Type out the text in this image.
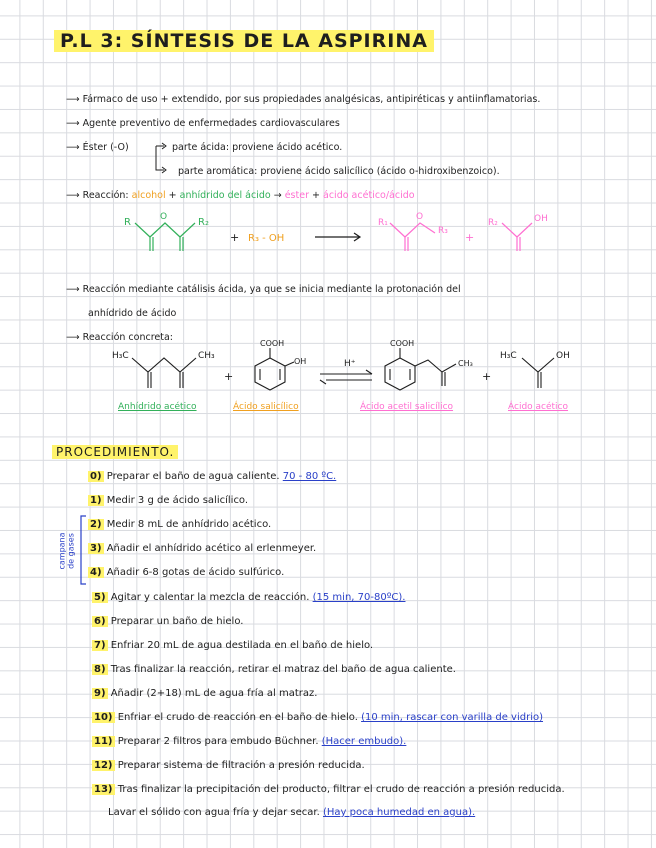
P.L 3: SÍNTESIS DE LA ASPIRINA
⟶ Fármaco de uso + extendido, por sus propiedades analgésicas, antipiréticas y antiinflamatorias.
⟶ Agente preventivo de enfermedades cardiovasculares
⟶ Éster (-O)	parte ácida: proviene ácido acético.
parte aromática: proviene ácido salicílico (ácido o-hidroxibenzoico).
⟶ Reacción: alcohol + anhídrido del ácido → éster + ácido acético/ácido
R	O	R₂
+ R₃ - OH
R₁
O
R₃ +
R₂	OH
⟶ Reacción mediante catálisis ácida, ya que se inicia mediante la protonación del
anhídrido de ácido
⟶ Reacción concreta:
H₃C	CH₃
+
COOH
OH	H⁺
COOH
CH₃
+
H₃C	OH
Anhídrido acético	Ácido salicílico	Ácido acetil salicílico	Ácido acético
PROCEDIMIENTO.
campana de gases
0) Preparar el baño de agua caliente. 70 - 80 ºC.
1) Medir 3 g de ácido salicílico.
2) Medir 8 mL de anhídrido acético.
3) Añadir el anhídrido acético al erlenmeyer.
4) Añadir 6-8 gotas de ácido sulfúrico.
5) Agitar y calentar la mezcla de reacción. (15 min, 70-80ºC).
6) Preparar un baño de hielo.
7) Enfriar 20 mL de agua destilada en el baño de hielo.
8) Tras finalizar la reacción, retirar el matraz del baño de agua caliente.
9) Añadir (2+18) mL de agua fría al matraz.
10) Enfriar el crudo de reacción en el baño de hielo. (10 min, rascar con varilla de vidrio)
11) Preparar 2 filtros para embudo Büchner. (Hacer embudo).
12) Preparar sistema de filtración a presión reducida.
13) Tras finalizar la precipitación del producto, filtrar el crudo de reacción a presión reducida.
Lavar el sólido con agua fría y dejar secar. (Hay poca humedad en agua).
